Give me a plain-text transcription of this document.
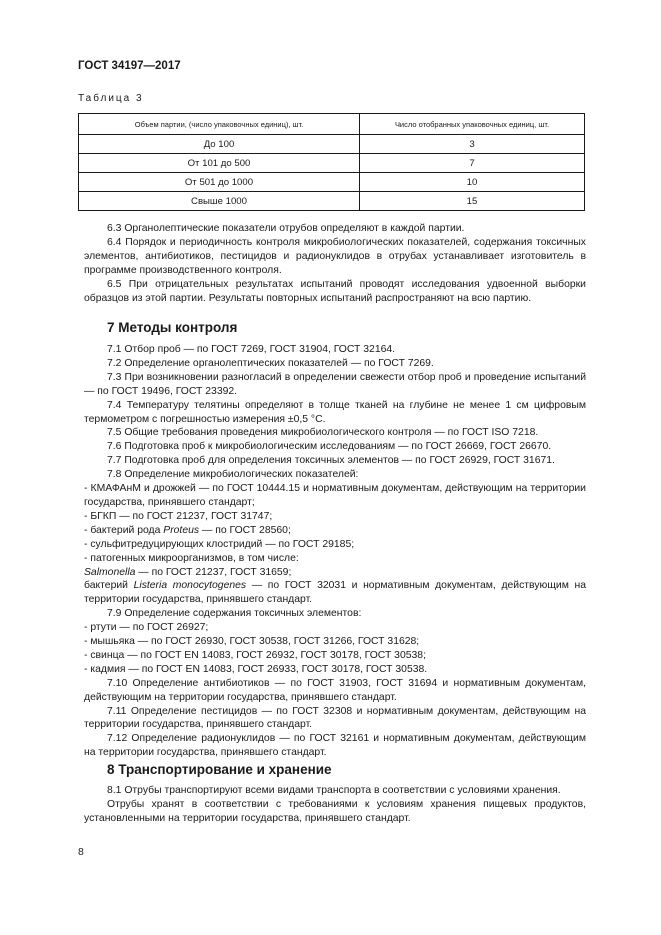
ГОСТ 34197—2017
Таблица 3
Объем партии, (число упаковочных единиц), шт.	Число отобранных упаковочных единиц, шт.
До 100	3
От 101 до 500	7
От 501 до 1000	10
Свыше 1000	15

6.3 Органолептические показатели отрубов определяют в каждой партии.

6.4 Порядок и периодичность контроля микробиологических показателей, содержания токсичных элементов, антибиотиков, пестицидов и радионуклидов в отрубах устанавливает изготовитель в программе производственного контроля.

6.5 При отрицательных результатах испытаний проводят исследования удвоенной выборки образцов из этой партии. Результаты повторных испытаний распространяют на всю партию.

7 Методы контроля

7.1 Отбор проб — по ГОСТ 7269, ГОСТ 31904, ГОСТ 32164.

7.2 Определение органолептических показателей — по ГОСТ 7269.

7.3 При возникновении разногласий в определении свежести отбор проб и проведение испытаний — по ГОСТ 19496, ГОСТ 23392.

7.4 Температуру телятины определяют в толще тканей на глубине не менее 1 см цифровым термометром с погрешностью измерения ±0,5 °С.

7.5 Общие требования проведения микробиологического контроля — по ГОСТ ISO 7218.

7.6 Подготовка проб к микробиологическим исследованиям — по ГОСТ 26669, ГОСТ 26670.

7.7 Подготовка проб для определения токсичных элементов — по ГОСТ 26929, ГОСТ 31671.

7.8 Определение микробиологических показателей:

- КМАФАнМ и дрожжей — по ГОСТ 10444.15 и нормативным документам, действующим на территории государства, принявшего стандарт;

- БГКП — по ГОСТ 21237, ГОСТ 31747;

- бактерий рода Proteus — по ГОСТ 28560;

- сульфитредуцирующих клостридий — по ГОСТ 29185;

- патогенных микроорганизмов, в том числе:

Salmonella — по ГОСТ 21237, ГОСТ 31659;

бактерий Listeria monocytogenes — по ГОСТ 32031 и нормативным документам, действующим на территории государства, принявшего стандарт.

7.9 Определение содержания токсичных элементов:

- ртути — по ГОСТ 26927;

- мышьяка — по ГОСТ 26930, ГОСТ 30538, ГОСТ 31266, ГОСТ 31628;

- свинца — по ГОСТ EN 14083, ГОСТ 26932, ГОСТ 30178, ГОСТ 30538;

- кадмия — по ГОСТ EN 14083, ГОСТ 26933, ГОСТ 30178, ГОСТ 30538.

7.10 Определение антибиотиков — по ГОСТ 31903, ГОСТ 31694 и нормативным документам, действующим на территории государства, принявшего стандарт.

7.11 Определение пестицидов — по ГОСТ 32308 и нормативным документам, действующим на территории государства, принявшего стандарт.

7.12 Определение радионуклидов — по ГОСТ 32161 и нормативным документам, действующим на территории государства, принявшего стандарт.

8 Транспортирование и хранение

8.1 Отрубы транспортируют всеми видами транспорта в соответствии с условиями хранения.

Отрубы хранят в соответствии с требованиями к условиям хранения пищевых продуктов, установленными на территории государства, принявшего стандарт.

8
